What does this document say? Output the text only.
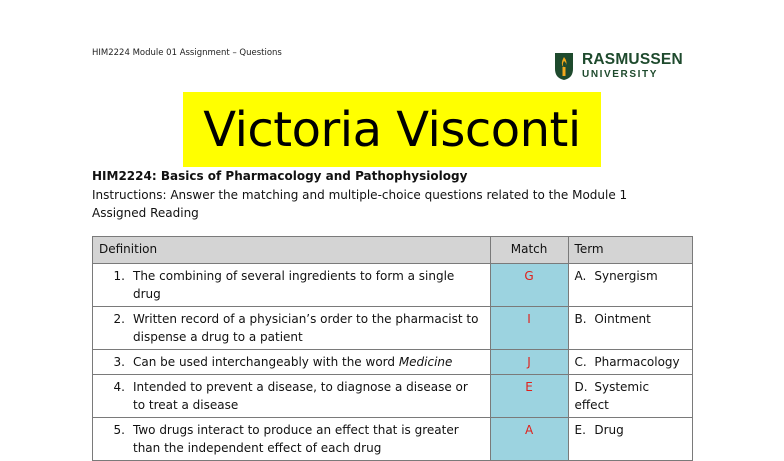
HIM2224 Module 01 Assignment – Questions	RASMUSSEN
UNIVERSITY
Victoria Visconti
HIM2224: Basics of Pharmacology and Pathophysiology
Instructions: Answer the matching and multiple-choice questions related to the Module 1 Assigned Reading
Definition	Match	Term

1. The combining of several ingredients to form a single drug	G	A. Synergism

2. Written record of a physician’s order to the pharmacist to dispense a drug to a patient	I	B. Ointment

3. Can be used interchangeably with the word Medicine	J	C. Pharmacology

4. Intended to prevent a disease, to diagnose a disease or to treat a disease	E	D. Systemic effect

5. Two drugs interact to produce an effect that is greater than the independent effect of each drug	A	E. Drug
